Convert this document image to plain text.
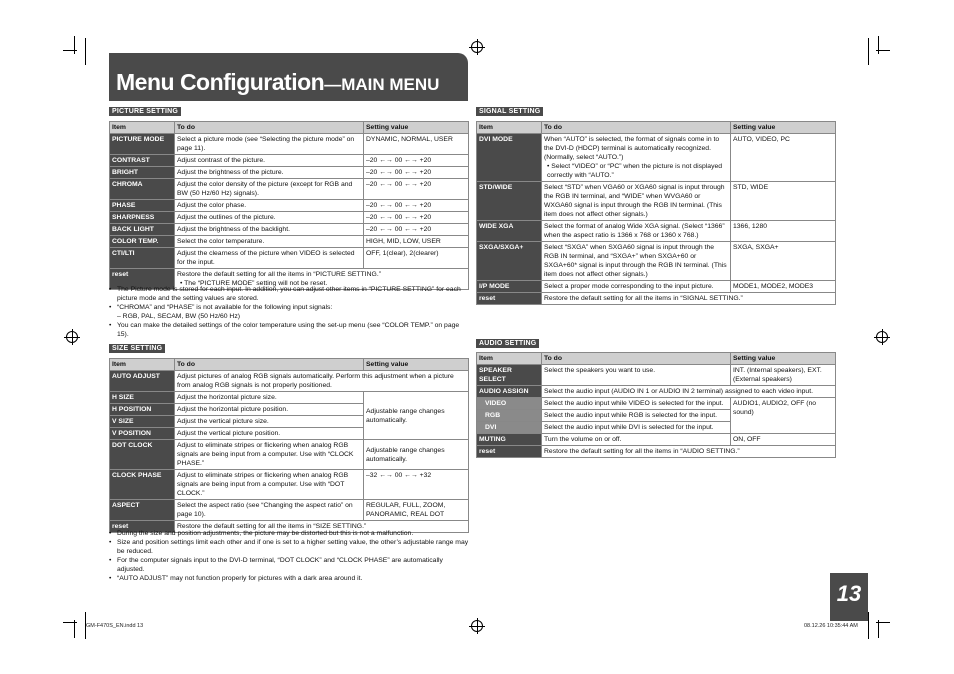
Menu Configuration—MAIN MENU
PICTURE SETTING
Item	To do	Setting value
PICTURE MODE	Select a picture mode (see “Selecting the picture mode” on page 11).	DYNAMIC, NORMAL, USER
CONTRAST	Adjust contrast of the picture.	–20 ←→ 00 ←→ +20
BRIGHT	Adjust the brightness of the picture.	–20 ←→ 00 ←→ +20
CHROMA	Adjust the color density of the picture (except for RGB and BW (50 Hz/60 Hz) signals).	–20 ←→ 00 ←→ +20
PHASE	Adjust the color phase.	–20 ←→ 00 ←→ +20
SHARPNESS	Adjust the outlines of the picture.	–20 ←→ 00 ←→ +20
BACK LIGHT	Adjust the brightness of the backlight.	–20 ←→ 00 ←→ +20
COLOR TEMP.	Select the color temperature.	HIGH, MID, LOW, USER
CTI/LTI	Adjust the clearness of the picture when VIDEO is selected for the input.	OFF, 1(clear), 2(clearer)
reset	Restore the default setting for all the items in “PICTURE SETTING.”
• The “PICTURE MODE” setting will not be reset.	
• The Picture mode is stored for each input. In addition, you can adjust other items in “PICTURE SETTING” for each picture mode and the setting values are stored.
• “CHROMA” and “PHASE” is not available for the following input signals:
– RGB, PAL, SECAM, BW (50 Hz/60 Hz)
• You can make the detailed settings of the color temperature using the set-up menu (see “COLOR TEMP.” on page 15).
SIZE SETTING
Item	To do	Setting value
AUTO ADJUST	Adjust pictures of analog RGB signals automatically. Perform this adjustment when a picture from analog RGB signals is not properly positioned.	
H SIZE	Adjust the horizontal picture size.	Adjustable range changes automatically.
H POSITION	Adjust the horizontal picture position.	
V SIZE	Adjust the vertical picture size.	
V POSITION	Adjust the vertical picture position.	
DOT CLOCK	Adjust to eliminate stripes or flickering when analog RGB signals are being input from a computer. Use with “CLOCK PHASE.”	Adjustable range changes automatically.
CLOCK PHASE	Adjust to eliminate stripes or flickering when analog RGB signals are being input from a computer. Use with “DOT CLOCK.”	–32 ←→ 00 ←→ +32
ASPECT	Select the aspect ratio (see “Changing the aspect ratio” on page 10).	REGULAR, FULL, ZOOM, PANORAMIC, REAL DOT
reset	Restore the default setting for all the items in “SIZE SETTING.”	
• During the size and position adjustments, the picture may be distorted but this is not a malfunction.
• Size and position settings limit each other and if one is set to a higher setting value, the other’s adjustable range may be reduced.
• For the computer signals input to the DVI-D terminal, “DOT CLOCK” and “CLOCK PHASE” are automatically adjusted.
• “AUTO ADJUST” may not function properly for pictures with a dark area around it.
SIGNAL SETTING
Item	To do	Setting value
DVI MODE	When “AUTO” is selected, the format of signals come in to the DVI-D (HDCP) terminal is automatically recognized. (Normally, select “AUTO.”)
• Select “VIDEO” or “PC” when the picture is not displayed correctly with “AUTO.”	AUTO, VIDEO, PC
STD/WIDE	Select “STD” when VGA60 or XGA60 signal is input through the RGB IN terminal, and “WIDE” when WVGA60 or WXGA60 signal is input through the RGB IN terminal. (This item does not affect other signals.)	STD, WIDE
WIDE XGA	Select the format of analog Wide XGA signal. (Select “1366” when the aspect ratio is 1366 x 768 or 1360 x 768.)	1366, 1280
SXGA/SXGA+	Select “SXGA” when SXGA60 signal is input through the RGB IN terminal, and “SXGA+” when SXGA+60 or SXGA+60* signal is input through the RGB IN terminal. (This item does not affect other signals.)	SXGA, SXGA+
I/P MODE	Select a proper mode corresponding to the input picture.	MODE1, MODE2, MODE3
reset	Restore the default setting for all the items in “SIGNAL SETTING.”	
AUDIO SETTING
Item	To do	Setting value
SPEAKER SELECT	Select the speakers you want to use.	INT. (Internal speakers), EXT. (External speakers)
AUDIO ASSIGN	Select the audio input (AUDIO IN 1 or AUDIO IN 2 terminal) assigned to each video input.	
VIDEO	Select the audio input while VIDEO is selected for the input.	AUDIO1, AUDIO2, OFF (no sound)
RGB	Select the audio input while RGB is selected for the input.	
DVI	Select the audio input while DVI is selected for the input.	
MUTING	Turn the volume on or off.	ON, OFF
reset	Restore the default setting for all the items in “AUDIO SETTING.”	
13
GM-F470S_EN.indd 13	08.12.26 10:35:44 AM
